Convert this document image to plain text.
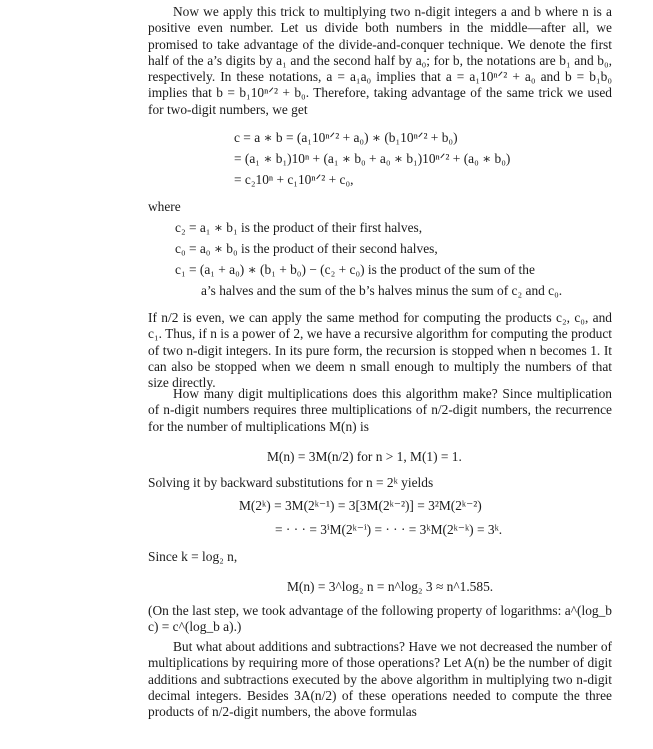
Now we apply this trick to multiplying two n-digit integers a and b where n is a positive even number. Let us divide both numbers in the middle—after all, we promised to take advantage of the divide-and-conquer technique. We denote the first half of the a’s digits by a₁ and the second half by a₀; for b, the notations are b₁ and b₀, respectively. In these notations, a = a₁a₀ implies that a = a₁10ⁿᐟ² + a₀ and b = b₁b₀ implies that b = b₁10ⁿᐟ² + b₀. Therefore, taking advantage of the same trick we used for two-digit numbers, we get

c = a ∗ b = (a₁10ⁿᐟ² + a₀) ∗ (b₁10ⁿᐟ² + b₀)
= (a₁ ∗ b₁)10ⁿ + (a₁ ∗ b₀ + a₀ ∗ b₁)10ⁿᐟ² + (a₀ ∗ b₀)
= c₂10ⁿ + c₁10ⁿᐟ² + c₀,
where
c₂ = a₁ ∗ b₁ is the product of their first halves,
c₀ = a₀ ∗ b₀ is the product of their second halves,
c₁ = (a₁ + a₀) ∗ (b₁ + b₀) − (c₂ + c₀) is the product of the sum of the
a’s halves and the sum of the b’s halves minus the sum of c₂ and c₀.

If n/2 is even, we can apply the same method for computing the products c₂, c₀, and c₁. Thus, if n is a power of 2, we have a recursive algorithm for computing the product of two n-digit integers. In its pure form, the recursion is stopped when n becomes 1. It can also be stopped when we deem n small enough to multiply the numbers of that size directly.

How many digit multiplications does this algorithm make? Since multiplication of n-digit numbers requires three multiplications of n/2-digit numbers, the recurrence for the number of multiplications M(n) is

M(n) = 3M(n/2) for n > 1, M(1) = 1.
Solving it by backward substitutions for n = 2ᵏ yields
M(2ᵏ) = 3M(2ᵏ⁻¹) = 3[3M(2ᵏ⁻²)] = 3²M(2ᵏ⁻²)
= · · · = 3ⁱM(2ᵏ⁻ⁱ) = · · · = 3ᵏM(2ᵏ⁻ᵏ) = 3ᵏ.
Since k = log₂ n,
M(n) = 3^log₂ n = n^log₂ 3 ≈ n^1.585.

(On the last step, we took advantage of the following property of logarithms: a^(log_b c) = c^(log_b a).)

But what about additions and subtractions? Have we not decreased the number of multiplications by requiring more of those operations? Let A(n) be the number of digit additions and subtractions executed by the above algorithm in multiplying two n-digit decimal integers. Besides 3A(n/2) of these operations needed to compute the three products of n/2-digit numbers, the above formulas
